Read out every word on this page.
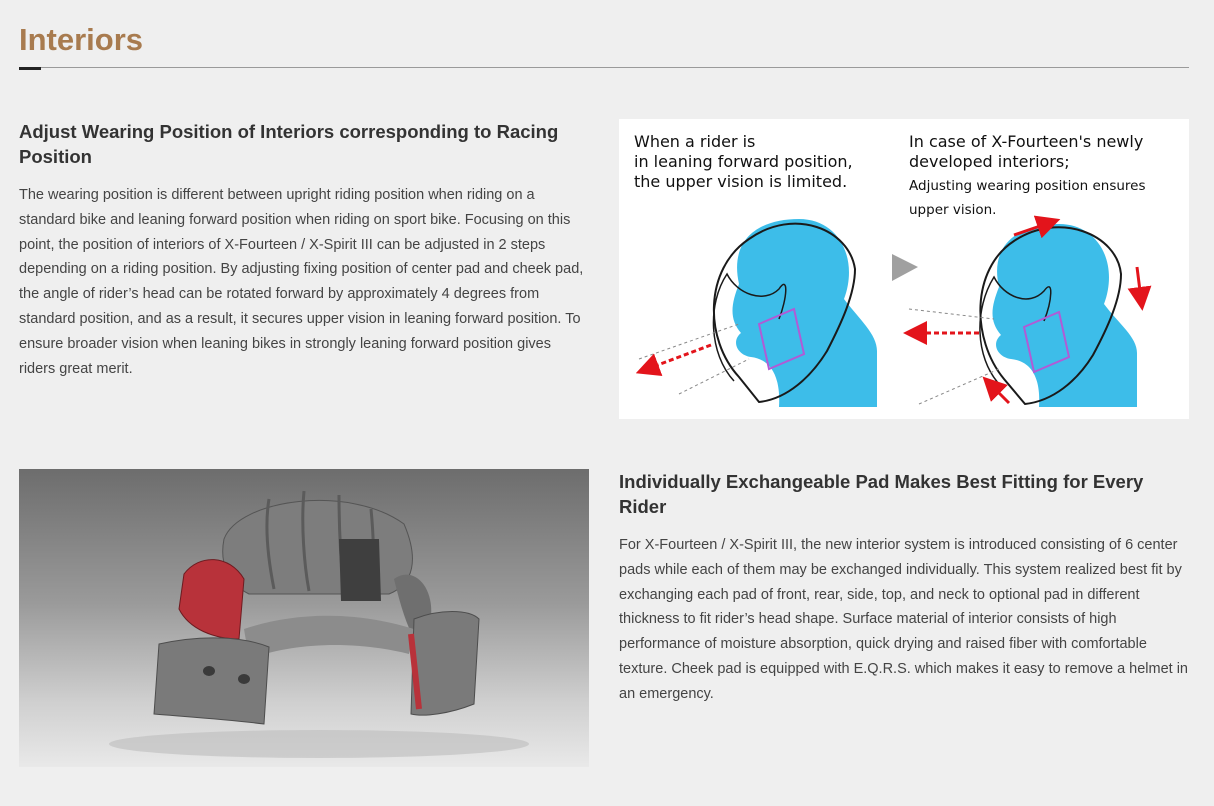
Interiors
Adjust Wearing Position of Interiors corresponding to Racing Position

The wearing position is different between upright riding position when riding on a standard bike and leaning forward position when riding on sport bike. Focusing on this point, the position of interiors of X-Fourteen / X-Spirit III can be adjusted in 2 steps depending on a riding position. By adjusting fixing position of center pad and cheek pad, the angle of rider’s head can be rotated forward by approximately 4 degrees from standard position, and as a result, it secures upper vision in leaning forward position. To ensure broader vision when leaning bikes in strongly leaning forward position gives riders great merit.

When a rider is
in leaning forward position,
the upper vision is limited.

In case of X-Fourteen's newly
developed interiors;

Adjusting wearing position ensures
upper vision.

Individually Exchangeable Pad Makes Best Fitting for Every Rider

For X-Fourteen / X-Spirit III, the new interior system is introduced consisting of 6 center pads while each of them may be exchanged individually. This system realized best fit by exchanging each pad of front, rear, side, top, and neck to optional pad in different thickness to fit rider’s head shape. Surface material of interior consists of high performance of moisture absorption, quick drying and raised fiber with comfortable texture. Cheek pad is equipped with E.Q.R.S. which makes it easy to remove a helmet in an emergency.
